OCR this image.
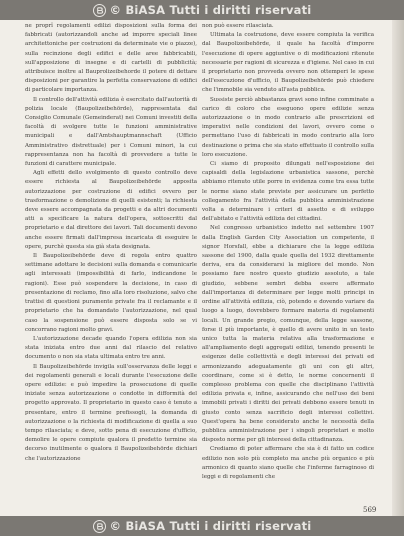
© BiASA Tutti i diritti riservati

ne proprî regolamenti edilizi disposizioni sulla forma dei fabbricati (autorizzandoli anche ad imporre speciali linee architettoniche per costruzioni da determinate vie o piazze), sulla recinzione degli edifici e delle aree fabbricabili, sull'apposizione di insegne e di cartelli di pubblicità; attribuisce inoltre al Bauprolizeibehorde il potere di dettare disposizioni per garantire la perfetta conservazione di edifici di particolare importanza.

Il controllo dell'attività edilizia è esercitato dall'autorità di polizia locale (Baupolizeibehörde), rappresentata dal Consiglio Comunale (Gemeinderat) nei Comuni investiti della facoltà di svolgere tutte le funzioni amministrative municipali e dall'Amtshauptmannschaft (Ufficio Amministrativo distrettuale) per i Comuni minori, la cui rappresentanza non ha facoltà di provvedere a tutte le funzioni di carattere municipale.

Agli effetti dello svolgimento di questo controllo deve essere richiesta al Baupolizeibehörde apposita autorizzazione per costruzione di edifici ovvero per trasformazione o demolizione di quelli esistenti; la richiesta deve essere accompagnata da progetti e da altri documenti atti a specificare la natura dell'opera, sottoscritti dal proprietario e dal direttore dei lavori. Tali documenti devono anche essere firmati dall'impresa incaricata di eseguire le opere, purchè questa sia già stata designata.

Il Baupolizeibehörde deve di regola entro quattro settimane adottare le decisioni sulla domanda e comunicarle agli interessati (impossibilità di farlo, indicandone le ragioni). Esse può sospendere la decisione, in caso di presentazione di reclamo, fino alla loro risoluzione, salvo che trattisi di questioni puramente private fra il reclamante e il proprietario che ha domandato l'autorizzazione, nel qual caso la sospensione può essere disposta solo se vi concorrano ragioni molto gravi.

L'autorizzazione decade quando l'opera edilizia non sia stata iniziata entro due anni dal rilascio del relativo documento o non sia stata ultimata entro tre anni.

Il Baupolizeibehörde invigila sull'osservanza delle leggi e dei regolamenti generali e locali durante l'esecuzione delle opere edilizie: e può impedire la prosecuzione di quelle iniziate senza autorizzazione o condotte in difformità del progetto approvato. Il proprietario in questo caso è tenuto a presentare, entro il termine prefissogli, la domanda di autorizzazione o la richiesta di modificazione di quella a suo tempo rilasciata; e deve, sotto pena di esecuzione d'ufficio, demolire le opere compiute qualora il predetto termine sia decorso inutilmente o qualora il Baupolizeibehörde dichiari che l'autorizzazione

non può essere rilasciata.

Ultimata la costruzione, deve essere compiuta la verifica dal Baupolizeibehörde, il quale ha facoltà d'imporre l'esecuzione di opere aggiuntive o di modificazioni ritenute necessarie per ragioni di sicurezza e d'igiene. Nel caso in cui il proprietario non provveda ovvero non ottemperi le spese dell'esecuzione d'ufficio, il Baupolizeibehörde può chiedere che l'immobile sia venduto all'asta pubblica.

Sussiste perciò abbastanza gravi sono infine comminate a carico di coloro che eseguono opere edilizie senza autorizzazione o in modo contrario alle prescrizioni ed imperativi nelle condizioni dei lavori, ovvero come o permettano l'uso di fabbricati in modo contrario alla loro destinazione o prima che sia stato effettuato il controllo sulla loro esecuzione.

Ci siamo di proposito dilungati nell'esposizione dei capisaldi della legislazione urbanistica sassone, perchè abbiamo ritenuto utile porre in evidenza come tra essa tutte le norme siano state previste per assicurare un perfetto collegamento fra l'attività della pubblica amministrazione volta a determinare i criteri di assetto e di sviluppo dell'abitato e l'attività edilizia dei cittadini.

Nel congresso urbanistico indetto nel settembre 1907 dalla English Garden City Association un competente, il signor Horsfall, ebbe a dichiarare che la legge edilizia sassone del 1900, dalla quale quella del 1932 direttamente deriva, era da considerarsi la migliore del mondo. Non possiamo fare nostro questo giudizio assoluto, a tale giudizio, sebbene sembri debba essere affermato dall'importanza di determinare per legge molti principi in ordine all'attività edilizia, ciò, potendo e dovendo variare da luogo a luogo, dovrebbero formare materia di regolamenti locali. Un grande pregio, comunque, della legge sassone, forse il più importante, è quello di avere unito in un testo unico tutta la materia relativa alla trasformazione e all'ampliamento degli aggregati edilizi, tenendo presenti le esigenze delle collettività e degli interessi dei privati ed armonizzando adeguatamente gli uni con gli altri, coordinare, come si è detto, le norme concernenti il complesso problema con quelle che disciplinano l'attività edilizia privata e, infine, assicurando che nell'uso dei beni immobili privati i diritti dei privati debbono essere tenuti in giusto conto senza sacrificio degli interessi collettivi. Quest'opera ha bene considerato anche le necessità della pubblica amministrazione per i singoli proprietari e molto disposto norme per gli interessi della cittadinanza.

Crediamo di poter affermare che sia è di fatto un codice edilizio non solo più completo ma anche più organico e più armonico di quanto siano quelle che l'inferme farraginoso di leggi e di regolamenti che

569
© BiASA Tutti i diritti riservati
